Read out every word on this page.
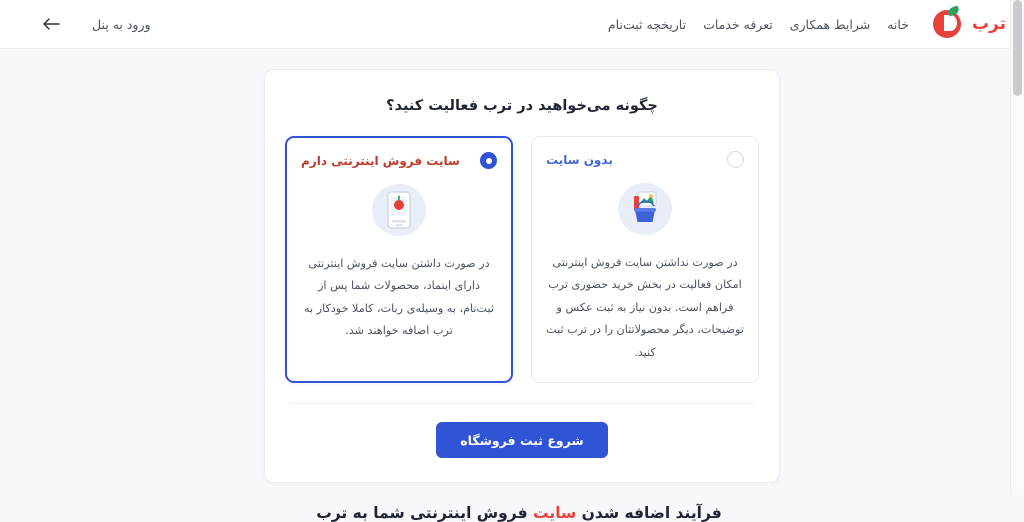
ترب
خانه
شرایط همکاری
تعرفه خدمات
تاریخچه ثبت‌نام
ورود به پنل
چگونه می‌خواهید در ترب فعالیت کنید؟
سایت فروش اینترنتی دارم
در صورت داشتن سایت فروش اینترنتی دارای اینماد، محصولات شما پس از ثبت‌نام، به وسیله‌ی ربات، کاملا خودکار به ترب اضافه خواهند شد.
بدون سایت
در صورت نداشتن سایت فروش اینترنتی امکان فعالیت در بخش خرید حضوری ترب فراهم است. بدون نیاز به ثبت عکس و توضیحات، دیگر محصولاتتان را در ترب ثبت کنید.
شروع ثبت فروشگاه
فرآیند اضافه شدن سایت فروش اینترنتی شما به ترب
